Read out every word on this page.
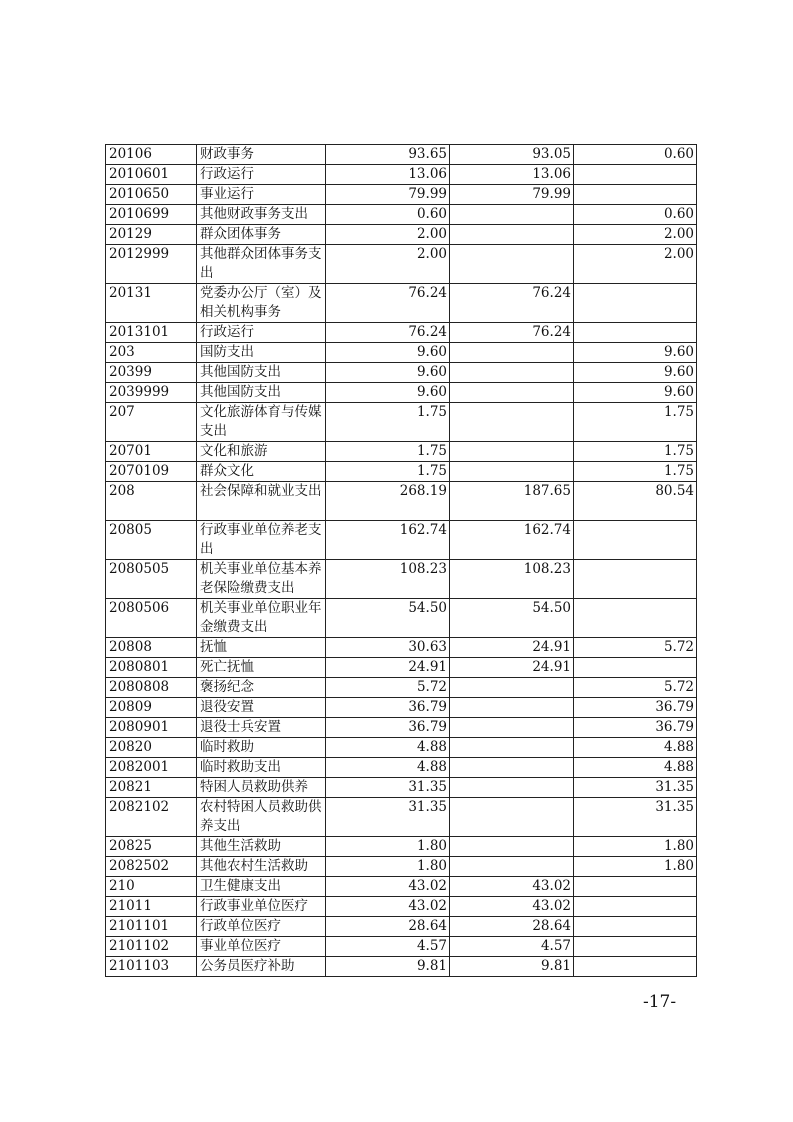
20106	财政事务	93.65	93.05	0.60
2010601	行政运行	13.06	13.06	
2010650	事业运行	79.99	79.99	
2010699	其他财政事务支出	0.60		0.60
20129	群众团体事务	2.00		2.00
2012999	其他群众团体事务支出	2.00		2.00
20131	党委办公厅（室）及相关机构事务	76.24	76.24	
2013101	行政运行	76.24	76.24	
203	国防支出	9.60		9.60
20399	其他国防支出	9.60		9.60
2039999	其他国防支出	9.60		9.60
207	文化旅游体育与传媒支出	1.75		1.75
20701	文化和旅游	1.75		1.75
2070109	群众文化	1.75		1.75
208	社会保障和就业支出	268.19	187.65	80.54
20805	行政事业单位养老支出	162.74	162.74	
2080505	机关事业单位基本养老保险缴费支出	108.23	108.23	
2080506	机关事业单位职业年金缴费支出	54.50	54.50	
20808	抚恤	30.63	24.91	5.72
2080801	死亡抚恤	24.91	24.91	
2080808	褒扬纪念	5.72		5.72
20809	退役安置	36.79		36.79
2080901	退役士兵安置	36.79		36.79
20820	临时救助	4.88		4.88
2082001	临时救助支出	4.88		4.88
20821	特困人员救助供养	31.35		31.35
2082102	农村特困人员救助供养支出	31.35		31.35
20825	其他生活救助	1.80		1.80
2082502	其他农村生活救助	1.80		1.80
210	卫生健康支出	43.02	43.02	
21011	行政事业单位医疗	43.02	43.02	
2101101	行政单位医疗	28.64	28.64	
2101102	事业单位医疗	4.57	4.57	
2101103	公务员医疗补助	9.81	9.81	
-17-
